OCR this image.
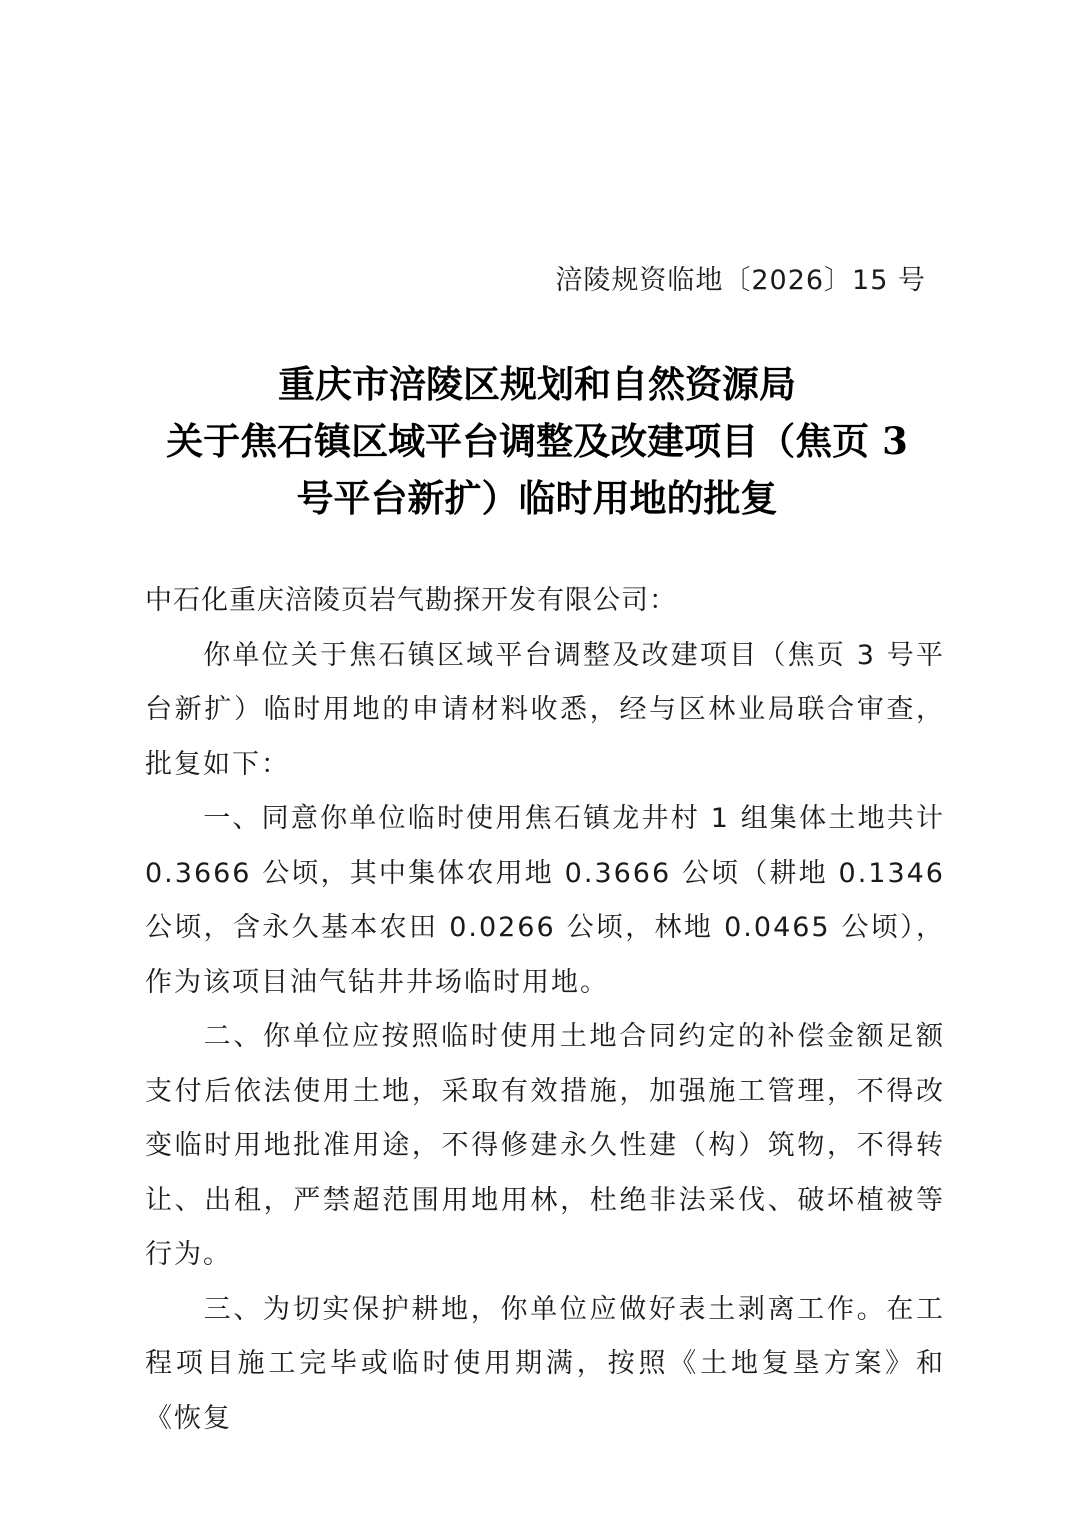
涪陵规资临地〔2026〕15 号
重庆市涪陵区规划和自然资源局
关于焦石镇区域平台调整及改建项目（焦页 3
号平台新扩）临时用地的批复
中石化重庆涪陵页岩气勘探开发有限公司：

你单位关于焦石镇区域平台调整及改建项目（焦页 3 号平台新扩）临时用地的申请材料收悉，经与区林业局联合审查，批复如下：

一、同意你单位临时使用焦石镇龙井村 1 组集体土地共计 0.3666 公顷，其中集体农用地 0.3666 公顷（耕地 0.1346 公顷，含永久基本农田 0.0266 公顷，林地 0.0465 公顷），作为该项目油气钻井井场临时用地。

二、你单位应按照临时使用土地合同约定的补偿金额足额支付后依法使用土地，采取有效措施，加强施工管理，不得改变临时用地批准用途，不得修建永久性建（构）筑物，不得转让、出租，严禁超范围用地用林，杜绝非法采伐、破坏植被等行为。

三、为切实保护耕地，你单位应做好表土剥离工作。在工程项目施工完毕或临时使用期满，按照《土地复垦方案》和《恢复
